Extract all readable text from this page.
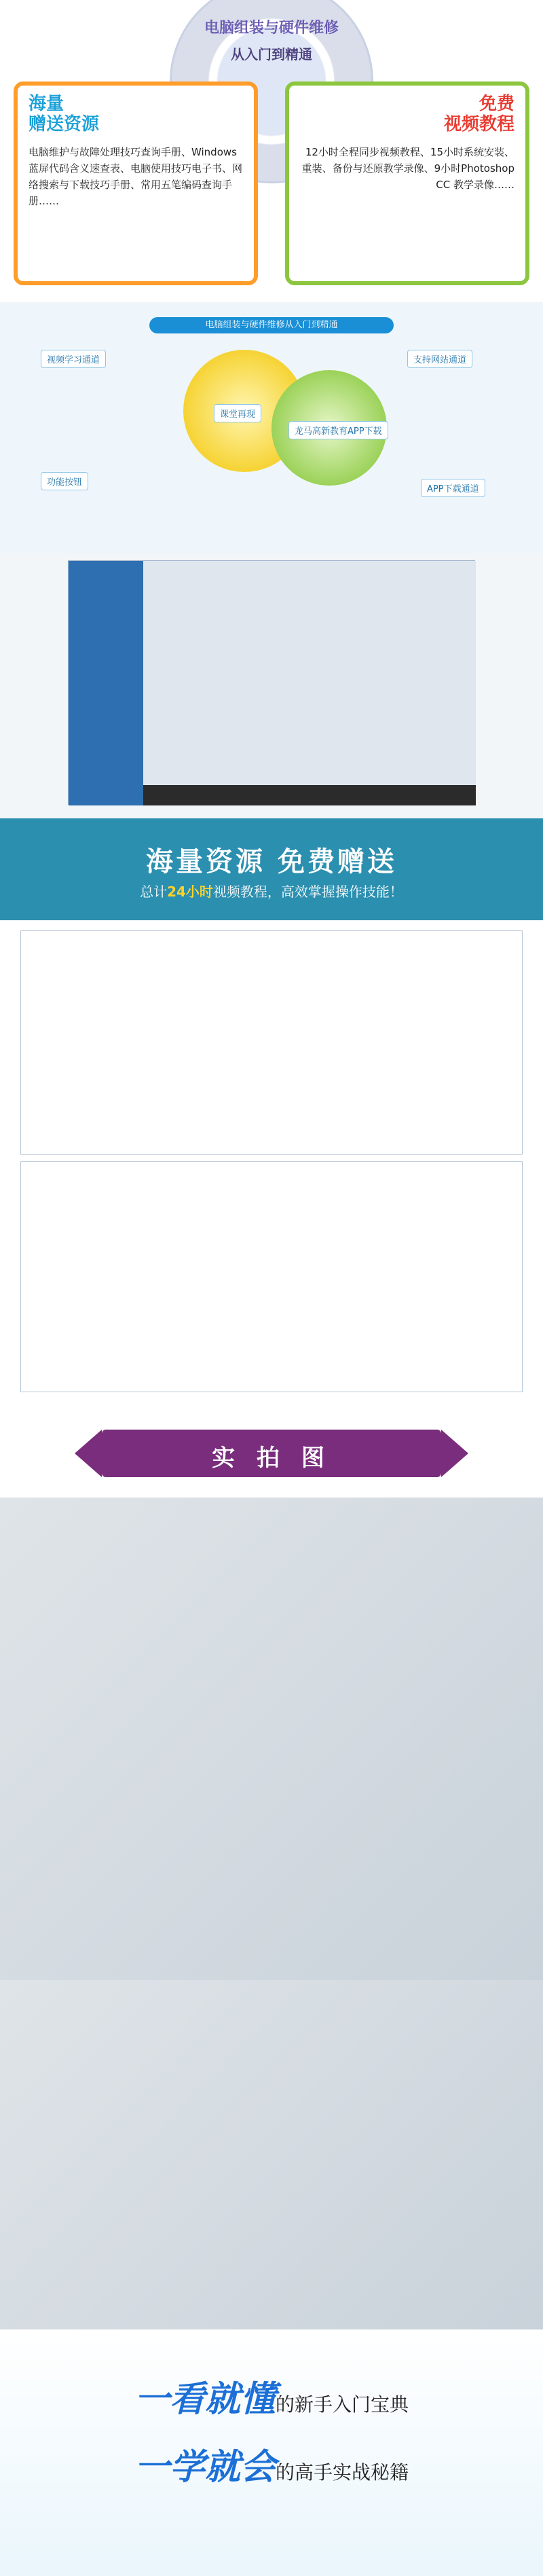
电脑组装与硬件维修
从入门到精通
海量
赠送资源

电脑维护与故障处理技巧查询手册、Windows蓝屏代码含义速查表、电脑使用技巧电子书、网络搜索与下载技巧手册、常用五笔编码查询手册……

免费
视频教程

12小时全程同步视频教程、15小时系统安装、重装、备份与还原教学录像、9小时Photoshop CC 教学录像……

电脑组装与硬件维修从入门到精通
视频学习通道	支持网站通道
功能按钮
APP下载通道
课堂再现
龙马高新教育APP下载
海量资源 免费赠送
总计24小时视频教程，高效掌握操作技能！
实 拍 图
一看就懂的新手入门宝典
一学就会的高手实战秘籍
